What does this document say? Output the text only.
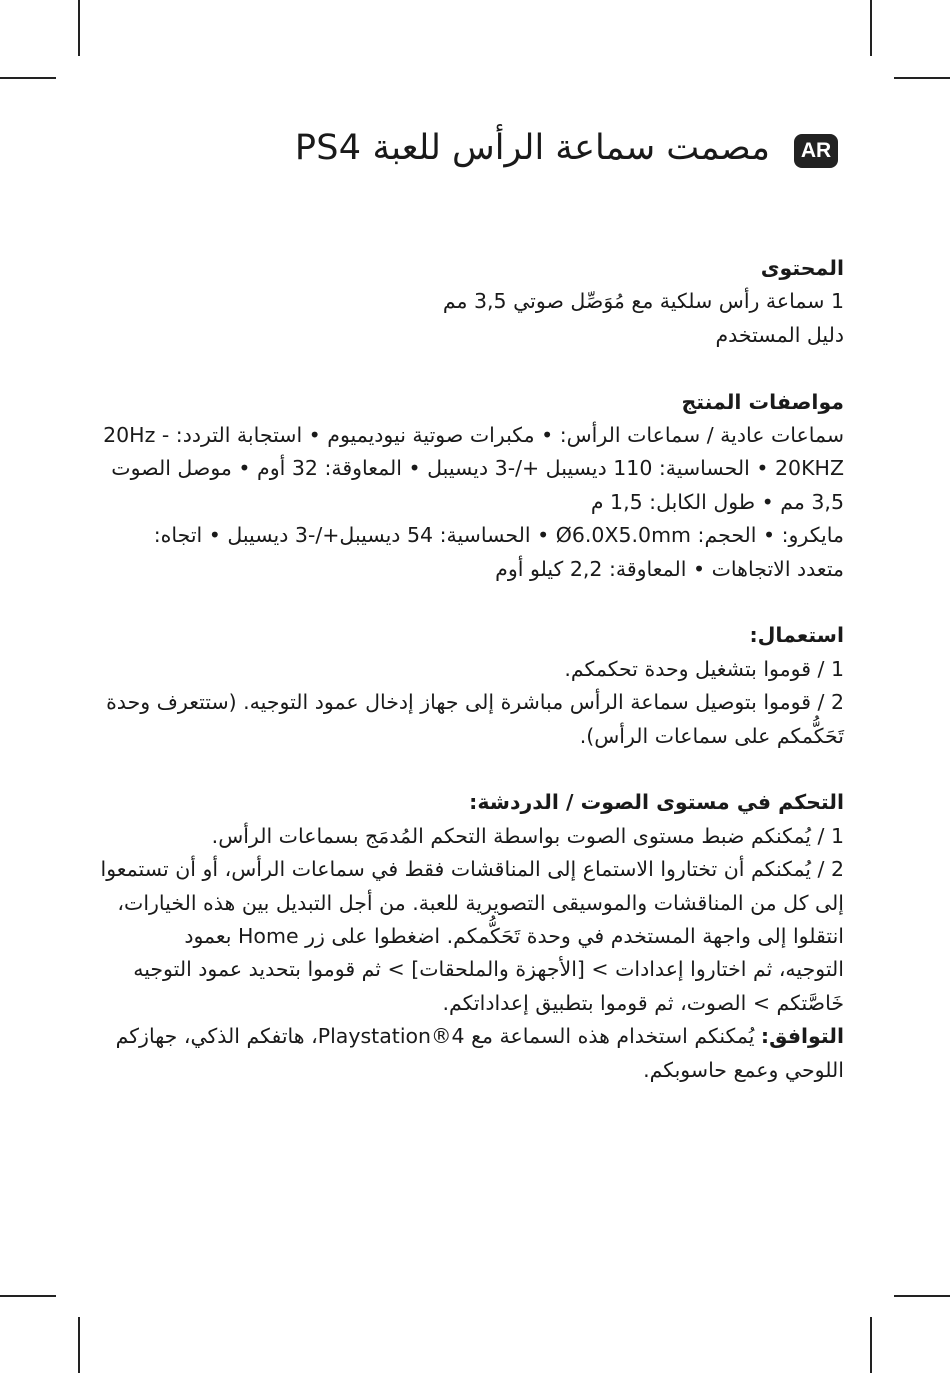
AR
مصمت سماعة الرأس للعبة PS4
المحتوى
1 سماعة رأس سلكية مع مُوَصِّل صوتي 3,5 مم
دليل المستخدم
مواصفات المنتج
سماعات عادية / سماعات الرأس: • مكبرات صوتية نيوديميوم • استجابة التردد: - 20Hz
20KHZ • الحساسية: 110 ديسيبل +/-3 ديسيبل • المعاوقة: 32 أوم • موصل الصوت
3,5 مم • طول الكابل: 1,5 م
مايكرو: • الحجم: Ø6.0X5.0mm • الحساسية: 54 ديسيبل+/-3 ديسيبل • اتجاه:
متعدد الاتجاهات • المعاوقة: 2,2 كيلو أوم
استعمال:
1 / قوموا بتشغيل وحدة تحكمكم.
2 / قوموا بتوصيل سماعة الرأس مباشرة إلى جهاز إدخال عمود التوجيه. (ستتعرف وحدة
تَحَكُّمكم على سماعات الرأس).
التحكم في مستوى الصوت / الدردشة:
1 / يُمكنكم ضبط مستوى الصوت بواسطة التحكم المُدمَج بسماعات الرأس.
2 / يُمكنكم أن تختاروا الاستماع إلى المناقشات فقط في سماعات الرأس، أو أن تستمعوا
إلى كل من المناقشات والموسيقى التصويرية للعبة. من أجل التبديل بين هذه الخيارات،
انتقلوا إلى واجهة المستخدم في وحدة تَحَكُّمكم. اضغطوا على زر Home بعمود
التوجيه، ثم اختاروا إعدادات > [الأجهزة والملحقات] > ثم قوموا بتحديد عمود التوجيه
خَاصَّتكم > الصوت، ثم قوموا بتطبيق إعداداتكم.
التوافق: يُمكنكم استخدام هذه السماعة مع Playstation®4، هاتفكم الذكي، جهازكم
اللوحي وعمع حاسوبكم.
